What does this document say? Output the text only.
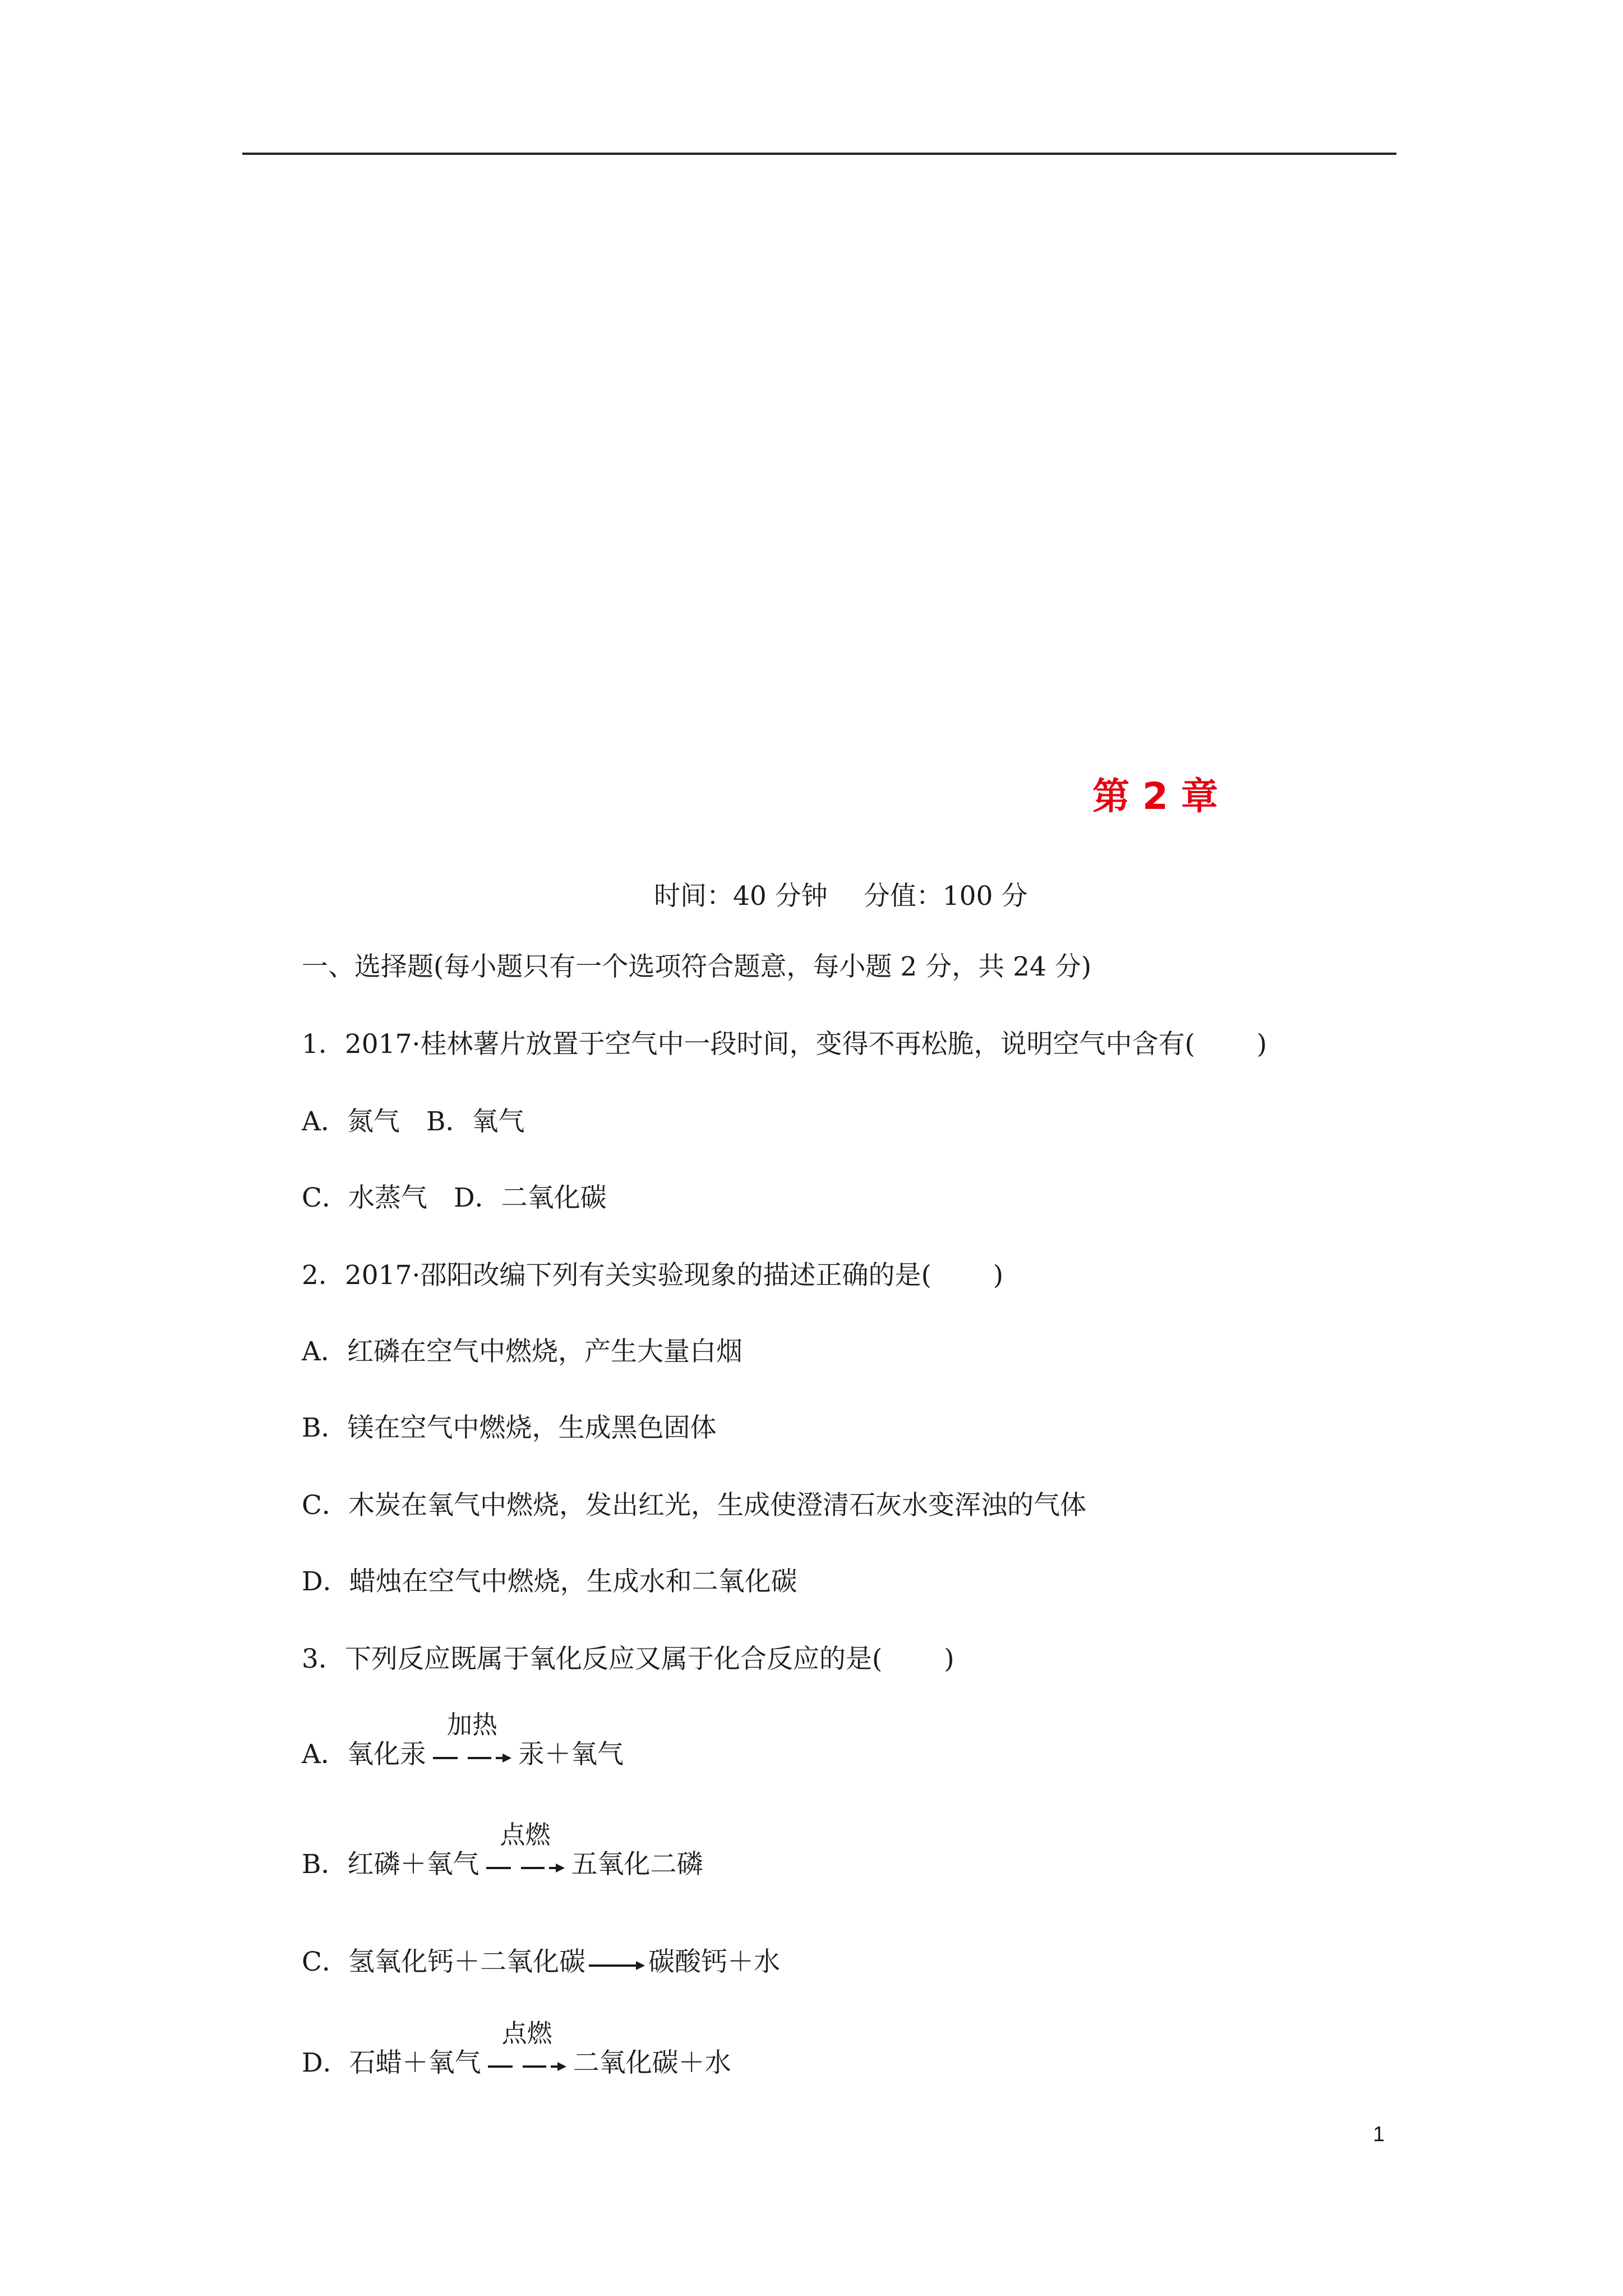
第 2 章
时间：40 分钟 分值：100 分
一、选择题(每小题只有一个选项符合题意，每小题 2 分，共 24 分)
1．2017·桂林薯片放置于空气中一段时间，变得不再松脆，说明空气中含有( )
A．氮气　B．氧气
C．水蒸气　D．二氧化碳
2．2017·邵阳改编下列有关实验现象的描述正确的是( )
A．红磷在空气中燃烧，产生大量白烟
B．镁在空气中燃烧，生成黑色固体
C．木炭在氧气中燃烧，发出红光，生成使澄清石灰水变浑浊的气体
D．蜡烛在空气中燃烧，生成水和二氧化碳
3．下列反应既属于氧化反应又属于化合反应的是( )
A．氧化汞
加热
汞＋氧气
B．红磷＋氧气
点燃
五氧化二磷
C．氢氧化钙＋二氧化碳 → 碳酸钙＋水
D．石蜡＋氧气
点燃
二氧化碳＋水
1
